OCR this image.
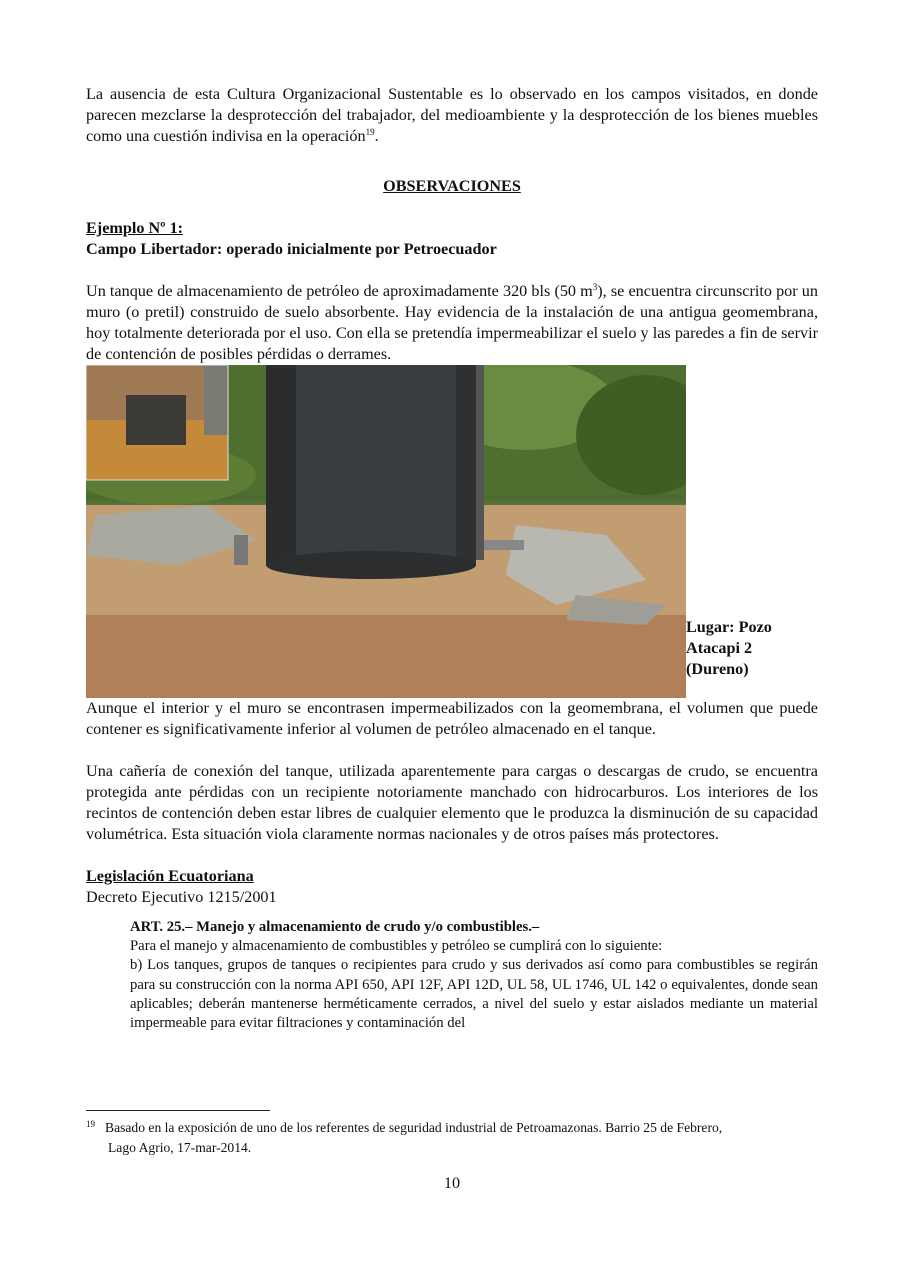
La ausencia de esta Cultura Organizacional Sustentable es lo observado en los campos visitados, en donde parecen mezclarse la desprotección del trabajador, del medioambiente y la desprotección de los bienes muebles como una cuestión indivisa en la operación$^{19}$.

OBSERVACIONES

Ejemplo Nº 1:

Campo Libertador: operado inicialmente por Petroecuador

Un tanque de almacenamiento de petróleo de aproximadamente 320 bls (50 $m^3$), se encuentra circunscrito por un muro (o pretil) construido de suelo absorbente. Hay evidencia de la instalación de una antigua geomembrana, hoy totalmente deteriorada por el uso. Con ella se pretendía impermeabilizar el suelo y las paredes a fin de servir de contención de posibles pérdidas o derrames.

Lugar: Pozo
Atacapi 2
(Dureno)

Aunque el interior y el muro se encontrasen impermeabilizados con la geomembrana, el volumen que puede contener es significativamente inferior al volumen de petróleo almacenado en el tanque.

Una cañería de conexión del tanque, utilizada aparentemente para cargas o descargas de crudo, se encuentra protegida ante pérdidas con un recipiente notoriamente manchado con hidrocarburos. Los interiores de los recintos de contención deben estar libres de cualquier elemento que le produzca la disminución de su capacidad volumétrica. Esta situación viola claramente normas nacionales y de otros países más protectores.

Legislación Ecuatoriana

Decreto Ejecutivo 1215/2001

ART. 25.– Manejo y almacenamiento de crudo y/o combustibles.–

Para el manejo y almacenamiento de combustibles y petróleo se cumplirá con lo siguiente:

b) Los tanques, grupos de tanques o recipientes para crudo y sus derivados así como para combustibles se regirán para su construcción con la norma API 650, API 12F, API 12D, UL 58, UL 1746, UL 142 o equivalentes, donde sean aplicables; deberán mantenerse herméticamente cerrados, a nivel del suelo y estar aislados mediante un material impermeable para evitar filtraciones y contaminación del

$^{19}$ Basado en la exposición de uno de los referentes de seguridad industrial de Petroamazonas. Barrio 25 de Febrero,
Lago Agrio, 17-mar-2014.
10
